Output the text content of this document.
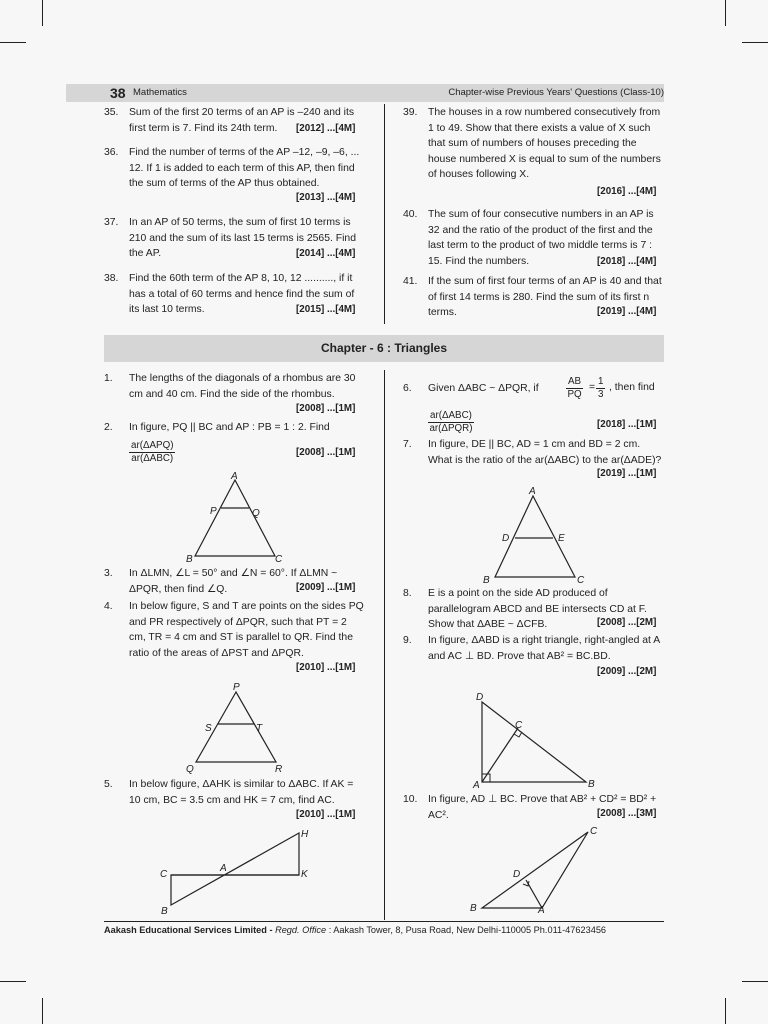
38 Mathematics	Chapter-wise Previous Years' Questions (Class-10)
35. Sum of the first 20 terms of an AP is –240 and its first term is 7. Find its 24th term.	[2012] ...[4M]
36. Find the number of terms of the AP –12, –9, –6, ... 12. If 1 is added to each term of this AP, then find the sum of terms of the AP thus obtained.
[2013] ...[4M]
37. In an AP of 50 terms, the sum of first 10 terms is 210 and the sum of its last 15 terms is 2565. Find the AP.	[2014] ...[4M]
38. Find the 60th term of the AP 8, 10, 12 .........., if it has a total of 60 terms and hence find the sum of its last 10 terms.	[2015] ...[4M]
39. The houses in a row numbered consecutively from 1 to 49. Show that there exists a value of X such that sum of numbers of houses preceding the house numbered X is equal to sum of the numbers of houses following X.
[2016] ...[4M]
40. The sum of four consecutive numbers in an AP is 32 and the ratio of the product of the first and the last term to the product of two middle terms is 7 : 15. Find the numbers.	[2018] ...[4M]
41. If the sum of first four terms of an AP is 40 and that of first 14 terms is 280. Find the sum of its first n terms.	[2019] ...[4M]
Chapter - 6 : Triangles
1. The lengths of the diagonals of a rhombus are 30 cm and 40 cm. Find the side of the rhombus.
[2008] ...[1M]
2. In figure, PQ || BC and AP : PB = 1 : 2. Find
ar(ΔAPQ)
ar(ΔABC)
[2008] ...[1M]
A
P	Q
B	C
3. In ΔLMN, ∠L = 50° and ∠N = 60°. If ΔLMN ~ ΔPQR, then find ∠Q.	[2009] ...[1M]
4. In below figure, S and T are points on the sides PQ and PR respectively of ΔPQR, such that PT = 2 cm, TR = 4 cm and ST is parallel to QR. Find the ratio of the areas of ΔPST and ΔPQR.
[2010] ...[1M]
P
S	T
Q	R
5. In below figure, ΔAHK is similar to ΔABC. If AK = 10 cm, BC = 3.5 cm and HK = 7 cm, find AC.
[2010] ...[1M]
H
C
A
K
B
6. Given ΔABC ~ ΔPQR, if	$\frac{AB}{PQ} = \frac{1}{3}$ , then find
ar(ΔABC)
ar(ΔPQR)	[2018] ...[1M]
7. In figure, DE || BC, AD = 1 cm and BD = 2 cm. What is the ratio of the ar(ΔABC) to the ar(ΔADE)?
[2019] ...[1M]
A
D	E
B	C
8. E is a point on the side AD produced of parallelogram ABCD and BE intersects CD at F. Show that ΔABE ~ ΔCFB.	[2008] ...[2M]
9. In figure, ΔABD is a right triangle, right-angled at A and AC ⊥ BD. Prove that AB² = BC.BD.
[2009] ...[2M]
D
C
A	B
10. In figure, AD ⊥ BC. Prove that AB² + CD² = BD² + AC².	[2008] ...[3M]
C
D
B	A
Aakash Educational Services Limited - Regd. Office : Aakash Tower, 8, Pusa Road, New Delhi-110005 Ph.011-47623456
